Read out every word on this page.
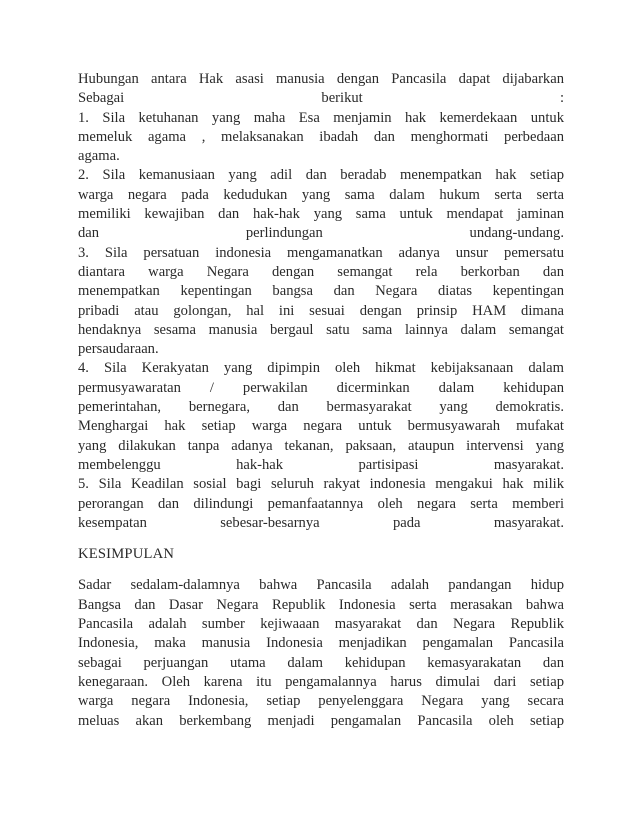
Hubungan antara Hak asasi manusia dengan Pancasila dapat dijabarkan
Sebagai berikut :
1. Sila ketuhanan yang maha Esa menjamin hak kemerdekaan untuk
memeluk agama , melaksanakan ibadah dan menghormati perbedaan
agama.
2. Sila kemanusiaan yang adil dan beradab menempatkan hak setiap
warga negara pada kedudukan yang sama dalam hukum serta serta
memiliki kewajiban dan hak-hak yang sama untuk mendapat jaminan
dan perlindungan undang-undang.
3. Sila persatuan indonesia mengamanatkan adanya unsur pemersatu
diantara warga Negara dengan semangat rela berkorban dan
menempatkan kepentingan bangsa dan Negara diatas kepentingan
pribadi atau golongan, hal ini sesuai dengan prinsip HAM dimana
hendaknya sesama manusia bergaul satu sama lainnya dalam semangat
persaudaraan.
4. Sila Kerakyatan yang dipimpin oleh hikmat kebijaksanaan dalam
permusyawaratan / perwakilan dicerminkan dalam kehidupan
pemerintahan, bernegara, dan bermasyarakat yang demokratis.
Menghargai hak setiap warga negara untuk bermusyawarah mufakat
yang dilakukan tanpa adanya tekanan, paksaan, ataupun intervensi yang
membelenggu hak-hak partisipasi masyarakat.
5. Sila Keadilan sosial bagi seluruh rakyat indonesia mengakui hak milik
perorangan dan dilindungi pemanfaatannya oleh negara serta memberi
kesempatan sebesar-besarnya pada masyarakat.
KESIMPULAN
Sadar sedalam-dalamnya bahwa Pancasila adalah pandangan hidup
Bangsa dan Dasar Negara Republik Indonesia serta merasakan bahwa
Pancasila adalah sumber kejiwaaan masyarakat dan Negara Republik
Indonesia, maka manusia Indonesia menjadikan pengamalan Pancasila
sebagai perjuangan utama dalam kehidupan kemasyarakatan dan
kenegaraan. Oleh karena itu pengamalannya harus dimulai dari setiap
warga negara Indonesia, setiap penyelenggara Negara yang secara
meluas akan berkembang menjadi pengamalan Pancasila oleh setiap
